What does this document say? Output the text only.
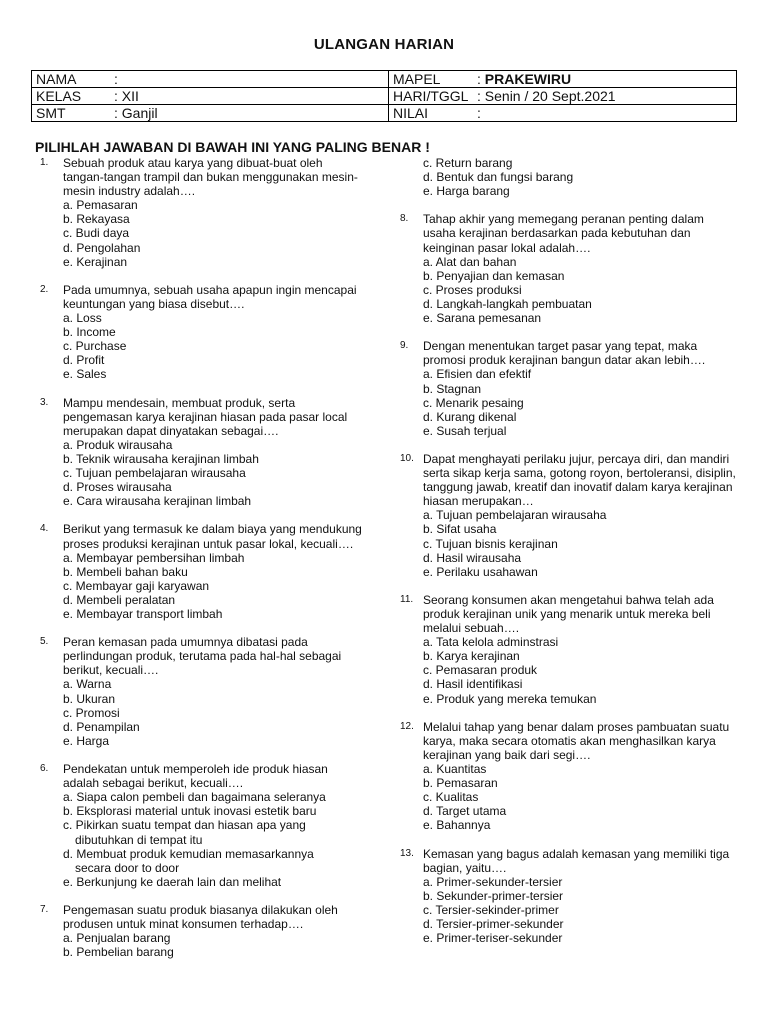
ULANGAN HARIAN
NAMA :	MAPEL : PRAKEWIRU
KELAS : XII	HARI/TGGL : Senin / 20 Sept.2021
SMT : Ganjil	NILAI :
PILIHLAH JAWABAN DI BAWAH INI YANG PALING BENAR !
1. Sebuah produk atau karya yang dibuat-buat oleh tangan-tangan trampil dan bukan menggunakan mesin-mesin industry adalah….
a. Pemasaran
b. Rekayasa
c. Budi daya
d. Pengolahan
e. Kerajinan
2. Pada umumnya, sebuah usaha apapun ingin mencapai keuntungan yang biasa disebut….
a. Loss
b. Income
c. Purchase
d. Profit
e. Sales
3. Mampu mendesain, membuat produk, serta pengemasan karya kerajinan hiasan pada pasar local merupakan dapat dinyatakan sebagai….
a. Produk wirausaha
b. Teknik wirausaha kerajinan limbah
c. Tujuan pembelajaran wirausaha
d. Proses wirausaha
e. Cara wirausaha kerajinan limbah
4. Berikut yang termasuk ke dalam biaya yang mendukung proses produksi kerajinan untuk pasar lokal, kecuali….
a. Membayar pembersihan limbah
b. Membeli bahan baku
c. Membayar gaji karyawan
d. Membeli peralatan
e. Membayar transport limbah
5. Peran kemasan pada umumnya dibatasi pada perlindungan produk, terutama pada hal-hal sebagai berikut, kecuali….
a. Warna
b. Ukuran
c. Promosi
d. Penampilan
e. Harga
6. Pendekatan untuk memperoleh ide produk hiasan adalah sebagai berikut, kecuali….
a. Siapa calon pembeli dan bagaimana seleranya
b. Eksplorasi material untuk inovasi estetik baru
c. Pikirkan suatu tempat dan hiasan apa yang
dibutuhkan di tempat itu
d. Membuat produk kemudian memasarkannya
secara door to door
e. Berkunjung ke daerah lain dan melihat
7. Pengemasan suatu produk biasanya dilakukan oleh produsen untuk minat konsumen terhadap….
a. Penjualan barang
b. Pembelian barang
c. Return barang
d. Bentuk dan fungsi barang
e. Harga barang
8. Tahap akhir yang memegang peranan penting dalam usaha kerajinan berdasarkan pada kebutuhan dan keinginan pasar lokal adalah….
a. Alat dan bahan
b. Penyajian dan kemasan
c. Proses produksi
d. Langkah-langkah pembuatan
e. Sarana pemesanan
9. Dengan menentukan target pasar yang tepat, maka promosi produk kerajinan bangun datar akan lebih….
a. Efisien dan efektif
b. Stagnan
c. Menarik pesaing
d. Kurang dikenal
e. Susah terjual
10. Dapat menghayati perilaku jujur, percaya diri, dan mandiri serta sikap kerja sama, gotong royon, bertoleransi, disiplin, tanggung jawab, kreatif dan inovatif dalam karya kerajinan hiasan merupakan…
a. Tujuan pembelajaran wirausaha
b. Sifat usaha
c. Tujuan bisnis kerajinan
d. Hasil wirausaha
e. Perilaku usahawan
11. Seorang konsumen akan mengetahui bahwa telah ada produk kerajinan unik yang menarik untuk mereka beli melalui sebuah….
a. Tata kelola adminstrasi
b. Karya kerajinan
c. Pemasaran produk
d. Hasil identifikasi
e. Produk yang mereka temukan
12. Melalui tahap yang benar dalam proses pambuatan suatu karya, maka secara otomatis akan menghasilkan karya kerajinan yang baik dari segi….
a. Kuantitas
b. Pemasaran
c. Kualitas
d. Target utama
e. Bahannya
13. Kemasan yang bagus adalah kemasan yang memiliki tiga bagian, yaitu….
a. Primer-sekunder-tersier
b. Sekunder-primer-tersier
c. Tersier-sekinder-primer
d. Tersier-primer-sekunder
e. Primer-teriser-sekunder
